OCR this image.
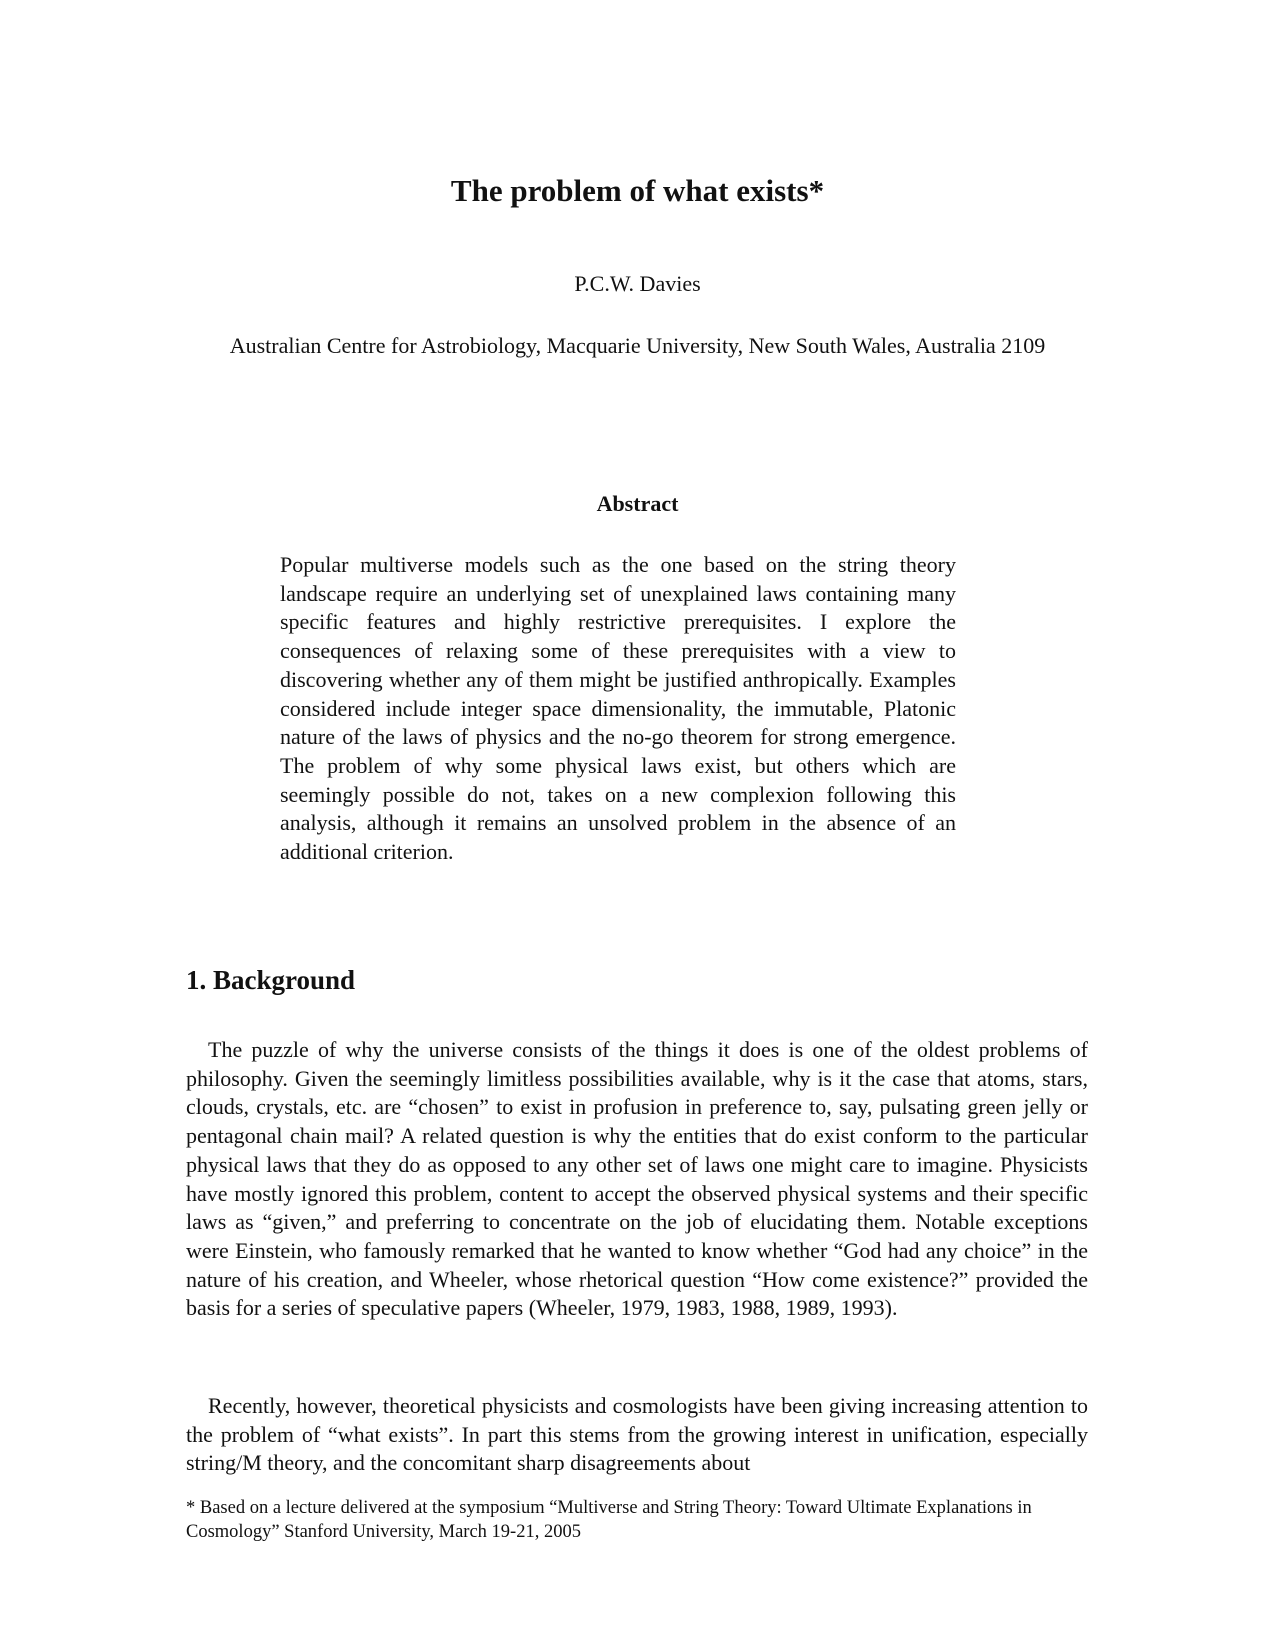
The problem of what exists*

P.C.W. Davies

Australian Centre for Astrobiology, Macquarie University, New South Wales, Australia 2109

Abstract

Popular multiverse models such as the one based on the string theory landscape require an underlying set of unexplained laws containing many specific features and highly restrictive prerequisites. I explore the consequences of relaxing some of these prerequisites with a view to discovering whether any of them might be justified anthropically. Examples considered include integer space dimensionality, the immutable, Platonic nature of the laws of physics and the no-go theorem for strong emergence. The problem of why some physical laws exist, but others which are seemingly possible do not, takes on a new complexion following this analysis, although it remains an unsolved problem in the absence of an additional criterion.

1. Background

The puzzle of why the universe consists of the things it does is one of the oldest problems of philosophy. Given the seemingly limitless possibilities available, why is it the case that atoms, stars, clouds, crystals, etc. are “chosen” to exist in profusion in preference to, say, pulsating green jelly or pentagonal chain mail? A related question is why the entities that do exist conform to the particular physical laws that they do as opposed to any other set of laws one might care to imagine. Physicists have mostly ignored this problem, content to accept the observed physical systems and their specific laws as “given,” and preferring to concentrate on the job of elucidating them. Notable exceptions were Einstein, who famously remarked that he wanted to know whether “God had any choice” in the nature of his creation, and Wheeler, whose rhetorical question “How come existence?” provided the basis for a series of speculative papers (Wheeler, 1979, 1983, 1988, 1989, 1993).

Recently, however, theoretical physicists and cosmologists have been giving increasing attention to the problem of “what exists”. In part this stems from the growing interest in unification, especially string/M theory, and the concomitant sharp disagreements about

* Based on a lecture delivered at the symposium “Multiverse and String Theory: Toward Ultimate Explanations in Cosmology” Stanford University, March 19-21, 2005
